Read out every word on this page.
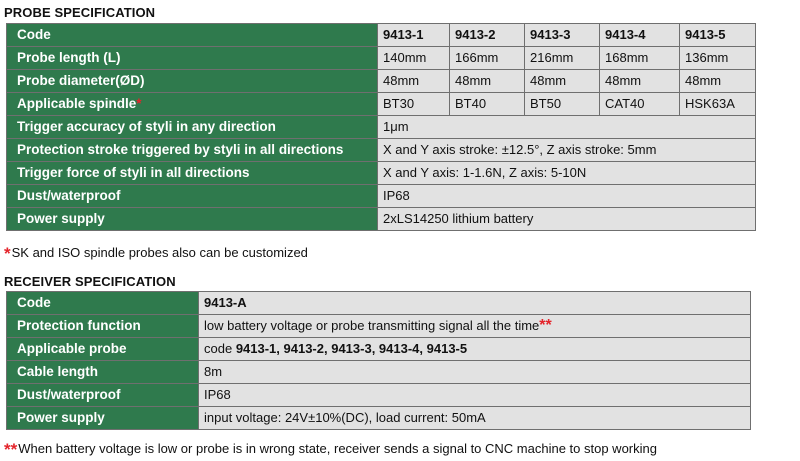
PROBE SPECIFICATION
Code	9413-1	9413-2	9413-3	9413-4	9413-5
Probe length (L)	140mm	166mm	216mm	168mm	136mm
Probe diameter(ØD)	48mm	48mm	48mm	48mm	48mm
Applicable spindle*	BT30	BT40	BT50	CAT40	HSK63A
Trigger accuracy of styli in any direction	1μm				
Protection stroke triggered by styli in all directions	X and Y axis stroke: ±12.5°, Z axis stroke: 5mm				
Trigger force of styli in all directions	X and Y axis: 1-1.6N, Z axis: 5-10N				
Dust/waterproof	IP68				
Power supply	2xLS14250 lithium battery				
*SK and ISO spindle probes also can be customized
RECEIVER SPECIFICATION
Code	9413-A
Protection function	low battery voltage or probe transmitting signal all the time**
Applicable probe	code 9413-1, 9413-2, 9413-3, 9413-4, 9413-5
Cable length	8m
Dust/waterproof	IP68
Power supply	input voltage: 24V±10%(DC), load current: 50mA
**When battery voltage is low or probe is in wrong state, receiver sends a signal to CNC machine to stop working
